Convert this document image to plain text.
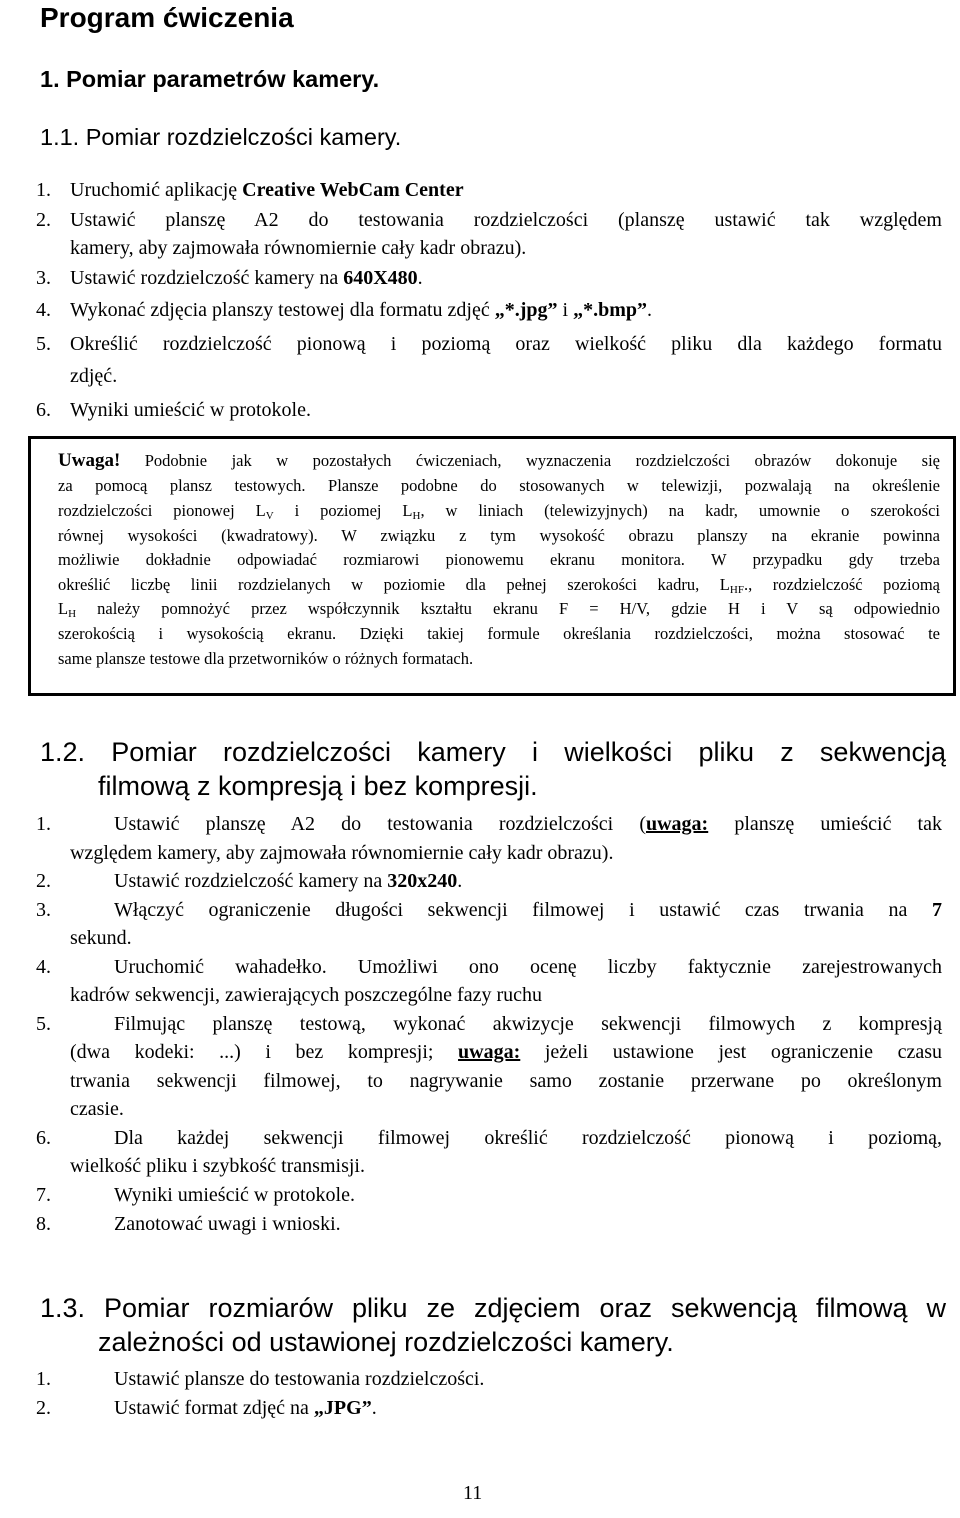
Program ćwiczenia
1. Pomiar parametrów kamery.
1.1. Pomiar rozdzielczości kamery.
1. Uruchomić aplikację Creative WebCam Center
2. Ustawić planszę A2 do testowania rozdzielczości (planszę ustawić tak względem
kamery, aby zajmowała równomiernie cały kadr obrazu).
3. Ustawić rozdzielczość kamery na 640X480.
4. Wykonać zdjęcia planszy testowej dla formatu zdjęć „*.jpg” i „*.bmp”.
5. Określić rozdzielczość pionową i poziomą oraz wielkość pliku dla każdego formatu
zdjęć.
6. Wyniki umieścić w protokole.
Uwaga! Podobnie jak w pozostałych ćwiczeniach, wyznaczenia rozdzielczości obrazów dokonuje się
za pomocą plansz testowych. Plansze podobne do stosowanych w telewizji, pozwalają na określenie
rozdzielczości pionowej $L_V$ i poziomej $L_H$, w liniach (telewizyjnych) na kadr, umownie o szerokości
równej wysokości (kwadratowy). W związku z tym wysokość obrazu planszy na ekranie powinna
możliwie dokładnie odpowiadać rozmiarowi pionowemu ekranu monitora. W przypadku gdy trzeba
określić liczbę linii rozdzielanych w poziomie dla pełnej szerokości kadru, $L_{HF}$., rozdzielczość poziomą
$L_H$ należy pomnożyć przez współczynnik kształtu ekranu F = H/V, gdzie H i V są odpowiednio
szerokością i wysokością ekranu. Dzięki takiej formule określania rozdzielczości, można stosować te
same plansze testowe dla przetworników o różnych formatach.
1.2. Pomiar rozdzielczości kamery i wielkości pliku z sekwencją
filmową z kompresją i bez kompresji.
1.	Ustawić planszę A2 do testowania rozdzielczości (uwaga: planszę umieścić tak
względem kamery, aby zajmowała równomiernie cały kadr obrazu).
2.	Ustawić rozdzielczość kamery na 320x240.
3.	Włączyć ograniczenie długości sekwencji filmowej i ustawić czas trwania na 7
sekund.
4.	Uruchomić wahadełko. Umożliwi ono ocenę liczby faktycznie zarejestrowanych
kadrów sekwencji, zawierających poszczególne fazy ruchu
5.	Filmując planszę testową, wykonać akwizycje sekwencji filmowych z kompresją
(dwa kodeki: ...) i bez kompresji; uwaga: jeżeli ustawione jest ograniczenie czasu
trwania sekwencji filmowej, to nagrywanie samo zostanie przerwane po określonym
czasie.
6.	Dla każdej sekwencji filmowej określić rozdzielczość pionową i poziomą,
wielkość pliku i szybkość transmisji.
7.	Wyniki umieścić w protokole.
8.	Zanotować uwagi i wnioski.
1.3. Pomiar rozmiarów pliku ze zdjęciem oraz sekwencją filmową w
zależności od ustawionej rozdzielczości kamery.
1.	Ustawić plansze do testowania rozdzielczości.
2.	Ustawić format zdjęć na „JPG”.
11
